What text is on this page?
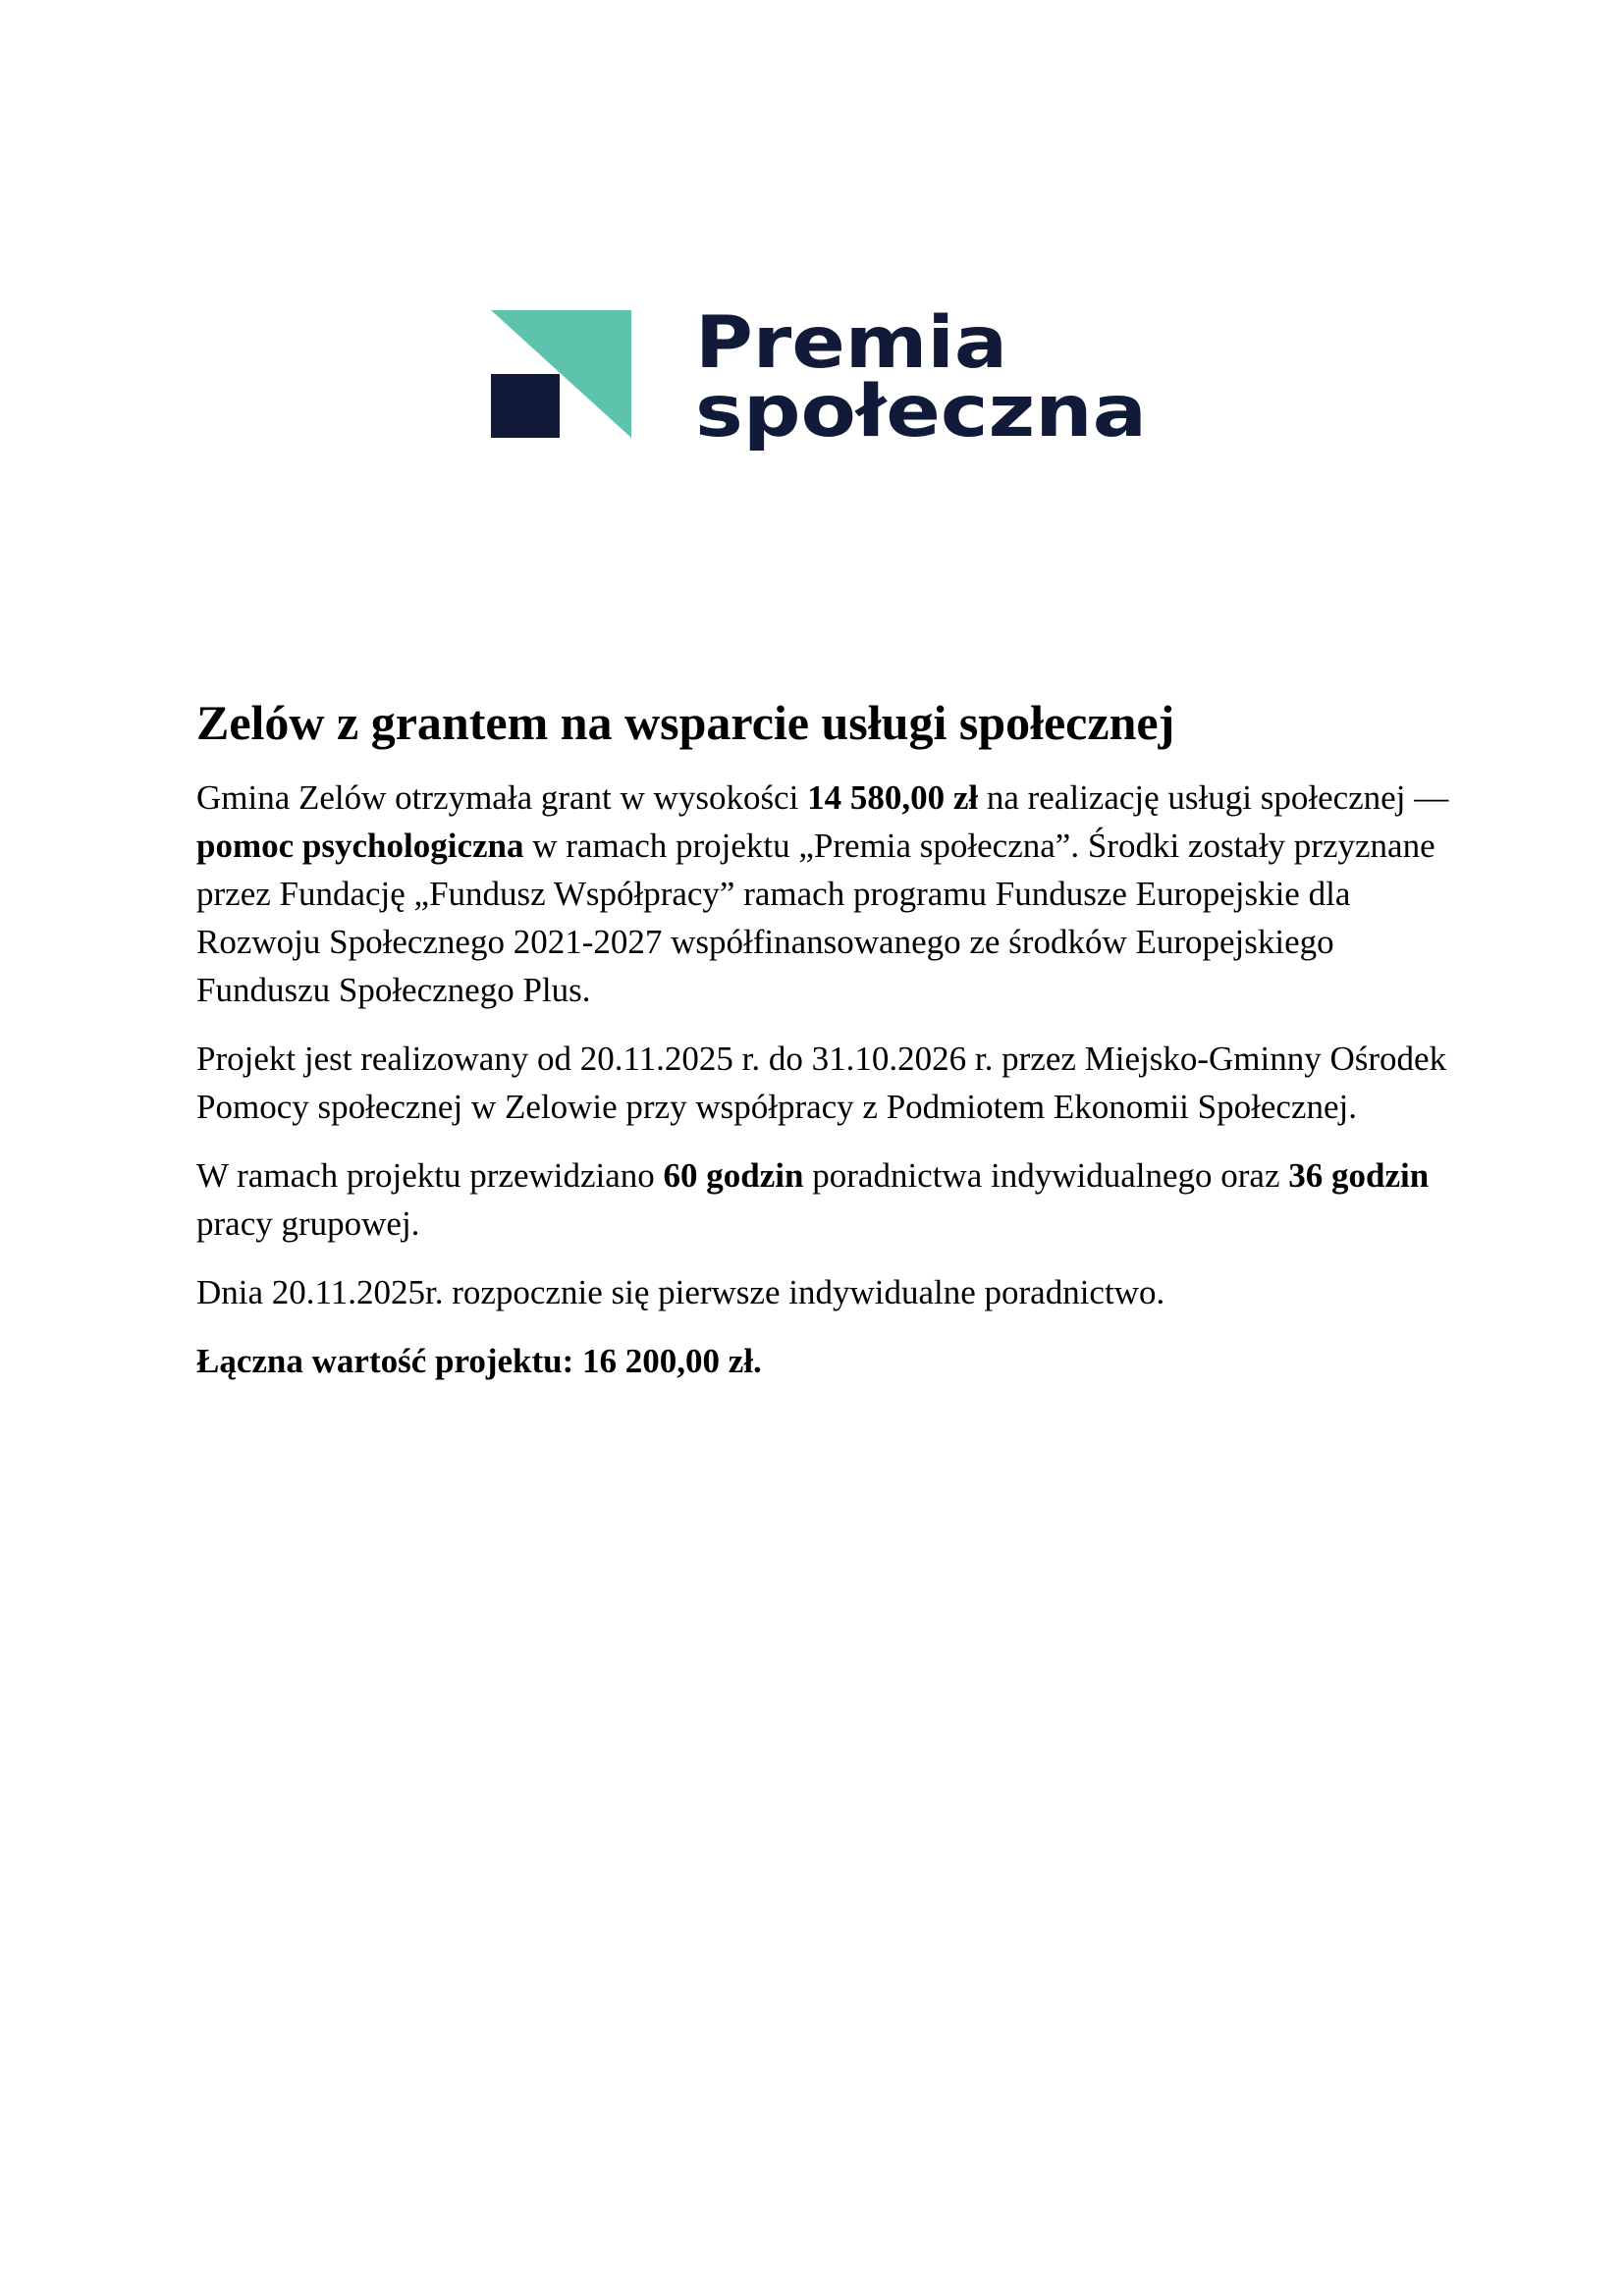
Premia
społeczna
Zelów z grantem na wsparcie usługi społecznej

Gmina Zelów otrzymała grant w wysokości 14 580,00 zł na realizację usługi społecznej —pomoc psychologiczna w ramach projektu „Premia społeczna”. Środki zostały przyznane przez Fundację „Fundusz Współpracy” ramach programu Fundusze Europejskie dla Rozwoju Społecznego 2021-2027 współfinansowanego ze środków Europejskiego Funduszu Społecznego Plus.

Projekt jest realizowany od 20.11.2025 r. do 31.10.2026 r. przez Miejsko-Gminny Ośrodek Pomocy społecznej w Zelowie przy współpracy z Podmiotem Ekonomii Społecznej.

W ramach projektu przewidziano 60 godzin poradnictwa indywidualnego oraz 36 godzin pracy grupowej.

Dnia 20.11.2025r. rozpocznie się pierwsze indywidualne poradnictwo.

Łączna wartość projektu: 16 200,00 zł.
